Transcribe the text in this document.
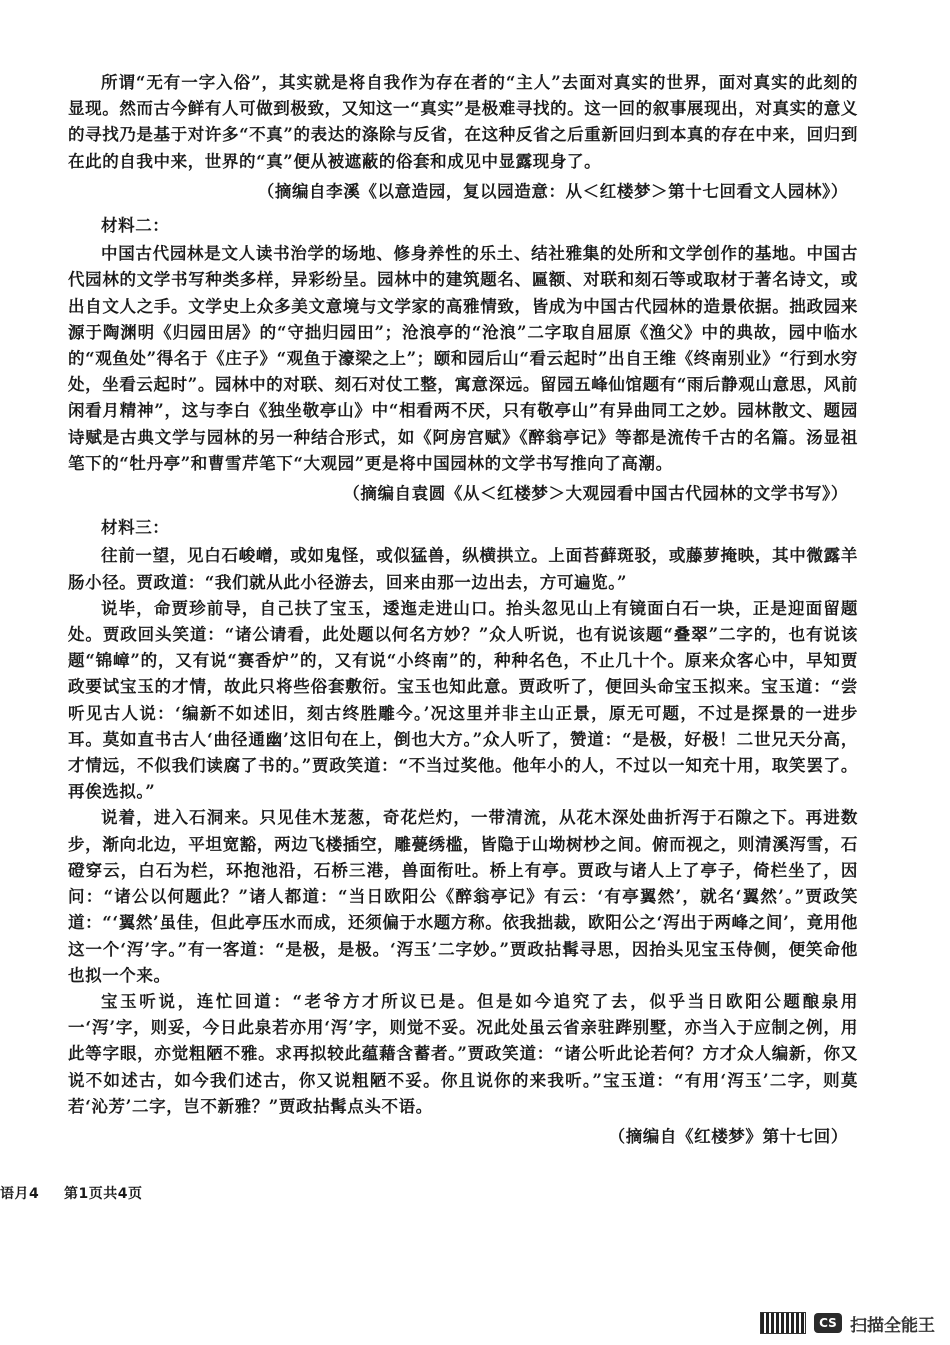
所谓“无有一字入俗”，其实就是将自我作为存在者的“主人”去面对真实的世界，面对真实的此刻的显现。然而古今鲜有人可做到极致，又知这一“真实”是极难寻找的。这一回的叙事展现出，对真实的意义的寻找乃是基于对许多“不真”的表达的涤除与反省，在这种反省之后重新回归到本真的存在中来，回归到在此的自我中来，世界的“真”便从被遮蔽的俗套和成见中显露现身了。

（摘编自李溪《以意造园，复以园造意：从＜红楼梦＞第十七回看文人园林》）
材料二：

中国古代园林是文人读书治学的场地、修身养性的乐土、结社雅集的处所和文学创作的基地。中国古代园林的文学书写种类多样，异彩纷呈。园林中的建筑题名、匾额、对联和刻石等或取材于著名诗文，或出自文人之手。文学史上众多美文意境与文学家的高雅情致，皆成为中国古代园林的造景依据。拙政园来源于陶渊明《归园田居》的“守拙归园田”；沧浪亭的“沧浪”二字取自屈原《渔父》中的典故，园中临水的“观鱼处”得名于《庄子》“观鱼于濠梁之上”；颐和园后山“看云起时”出自王维《终南别业》“行到水穷处，坐看云起时”。园林中的对联、刻石对仗工整，寓意深远。留园五峰仙馆题有“雨后静观山意思，风前闲看月精神”，这与李白《独坐敬亭山》中“相看两不厌，只有敬亭山”有异曲同工之妙。园林散文、题园诗赋是古典文学与园林的另一种结合形式，如《阿房宫赋》《醉翁亭记》等都是流传千古的名篇。汤显祖笔下的“牡丹亭”和曹雪芹笔下“大观园”更是将中国园林的文学书写推向了高潮。

（摘编自袁圆《从＜红楼梦＞大观园看中国古代园林的文学书写》）
材料三：

往前一望，见白石峻嶒，或如鬼怪，或似猛兽，纵横拱立。上面苔藓斑驳，或藤萝掩映，其中微露羊肠小径。贾政道：“我们就从此小径游去，回来由那一边出去，方可遍览。”

说毕，命贾珍前导，自己扶了宝玉，逶迤走进山口。抬头忽见山上有镜面白石一块，正是迎面留题处。贾政回头笑道：“诸公请看，此处题以何名方妙？”众人听说，也有说该题“叠翠”二字的，也有说该题“锦嶂”的，又有说“赛香炉”的，又有说“小终南”的，种种名色，不止几十个。原来众客心中，早知贾政要试宝玉的才情，故此只将些俗套敷衍。宝玉也知此意。贾政听了，便回头命宝玉拟来。宝玉道：“尝听见古人说：‘编新不如述旧，刻古终胜雕今。’况这里并非主山正景，原无可题，不过是探景的一进步耳。莫如直书古人‘曲径通幽’这旧句在上，倒也大方。”众人听了，赞道：“是极，好极！二世兄天分高，才情远，不似我们读腐了书的。”贾政笑道：“不当过奖他。他年小的人，不过以一知充十用，取笑罢了。再俟选拟。”

说着，进入石洞来。只见佳木茏葱，奇花烂灼，一带清流，从花木深处曲折泻于石隙之下。再进数步，渐向北边，平坦宽豁，两边飞楼插空，雕甍绣槛，皆隐于山坳树杪之间。俯而视之，则清溪泻雪，石磴穿云，白石为栏，环抱池沿，石桥三港，兽面衔吐。桥上有亭。贾政与诸人上了亭子，倚栏坐了，因问：“诸公以何题此？”诸人都道：“当日欧阳公《醉翁亭记》有云：‘有亭翼然’，就名‘翼然’。”贾政笑道：“‘翼然’虽佳，但此亭压水而成，还须偏于水题方称。依我拙裁，欧阳公之‘泻出于两峰之间’，竟用他这一个‘泻’字。”有一客道：“是极，是极。‘泻玉’二字妙。”贾政拈髯寻思，因抬头见宝玉侍侧，便笑命他也拟一个来。

宝玉听说，连忙回道：“老爷方才所议已是。但是如今追究了去，似乎当日欧阳公题酿泉用一‘泻’字，则妥，今日此泉若亦用‘泻’字，则觉不妥。况此处虽云省亲驻跸别墅，亦当入于应制之例，用此等字眼，亦觉粗陋不雅。求再拟较此蕴藉含蓄者。”贾政笑道：“诸公听此论若何？方才众人编新，你又说不如述古，如今我们述古，你又说粗陋不妥。你且说你的来我听。”宝玉道：“有用‘泻玉’二字，则莫若‘沁芳’二字，岂不新雅？”贾政拈髯点头不语。

（摘编自《红楼梦》第十七回）
语月4 第1页共4页
CS 扫描全能王
